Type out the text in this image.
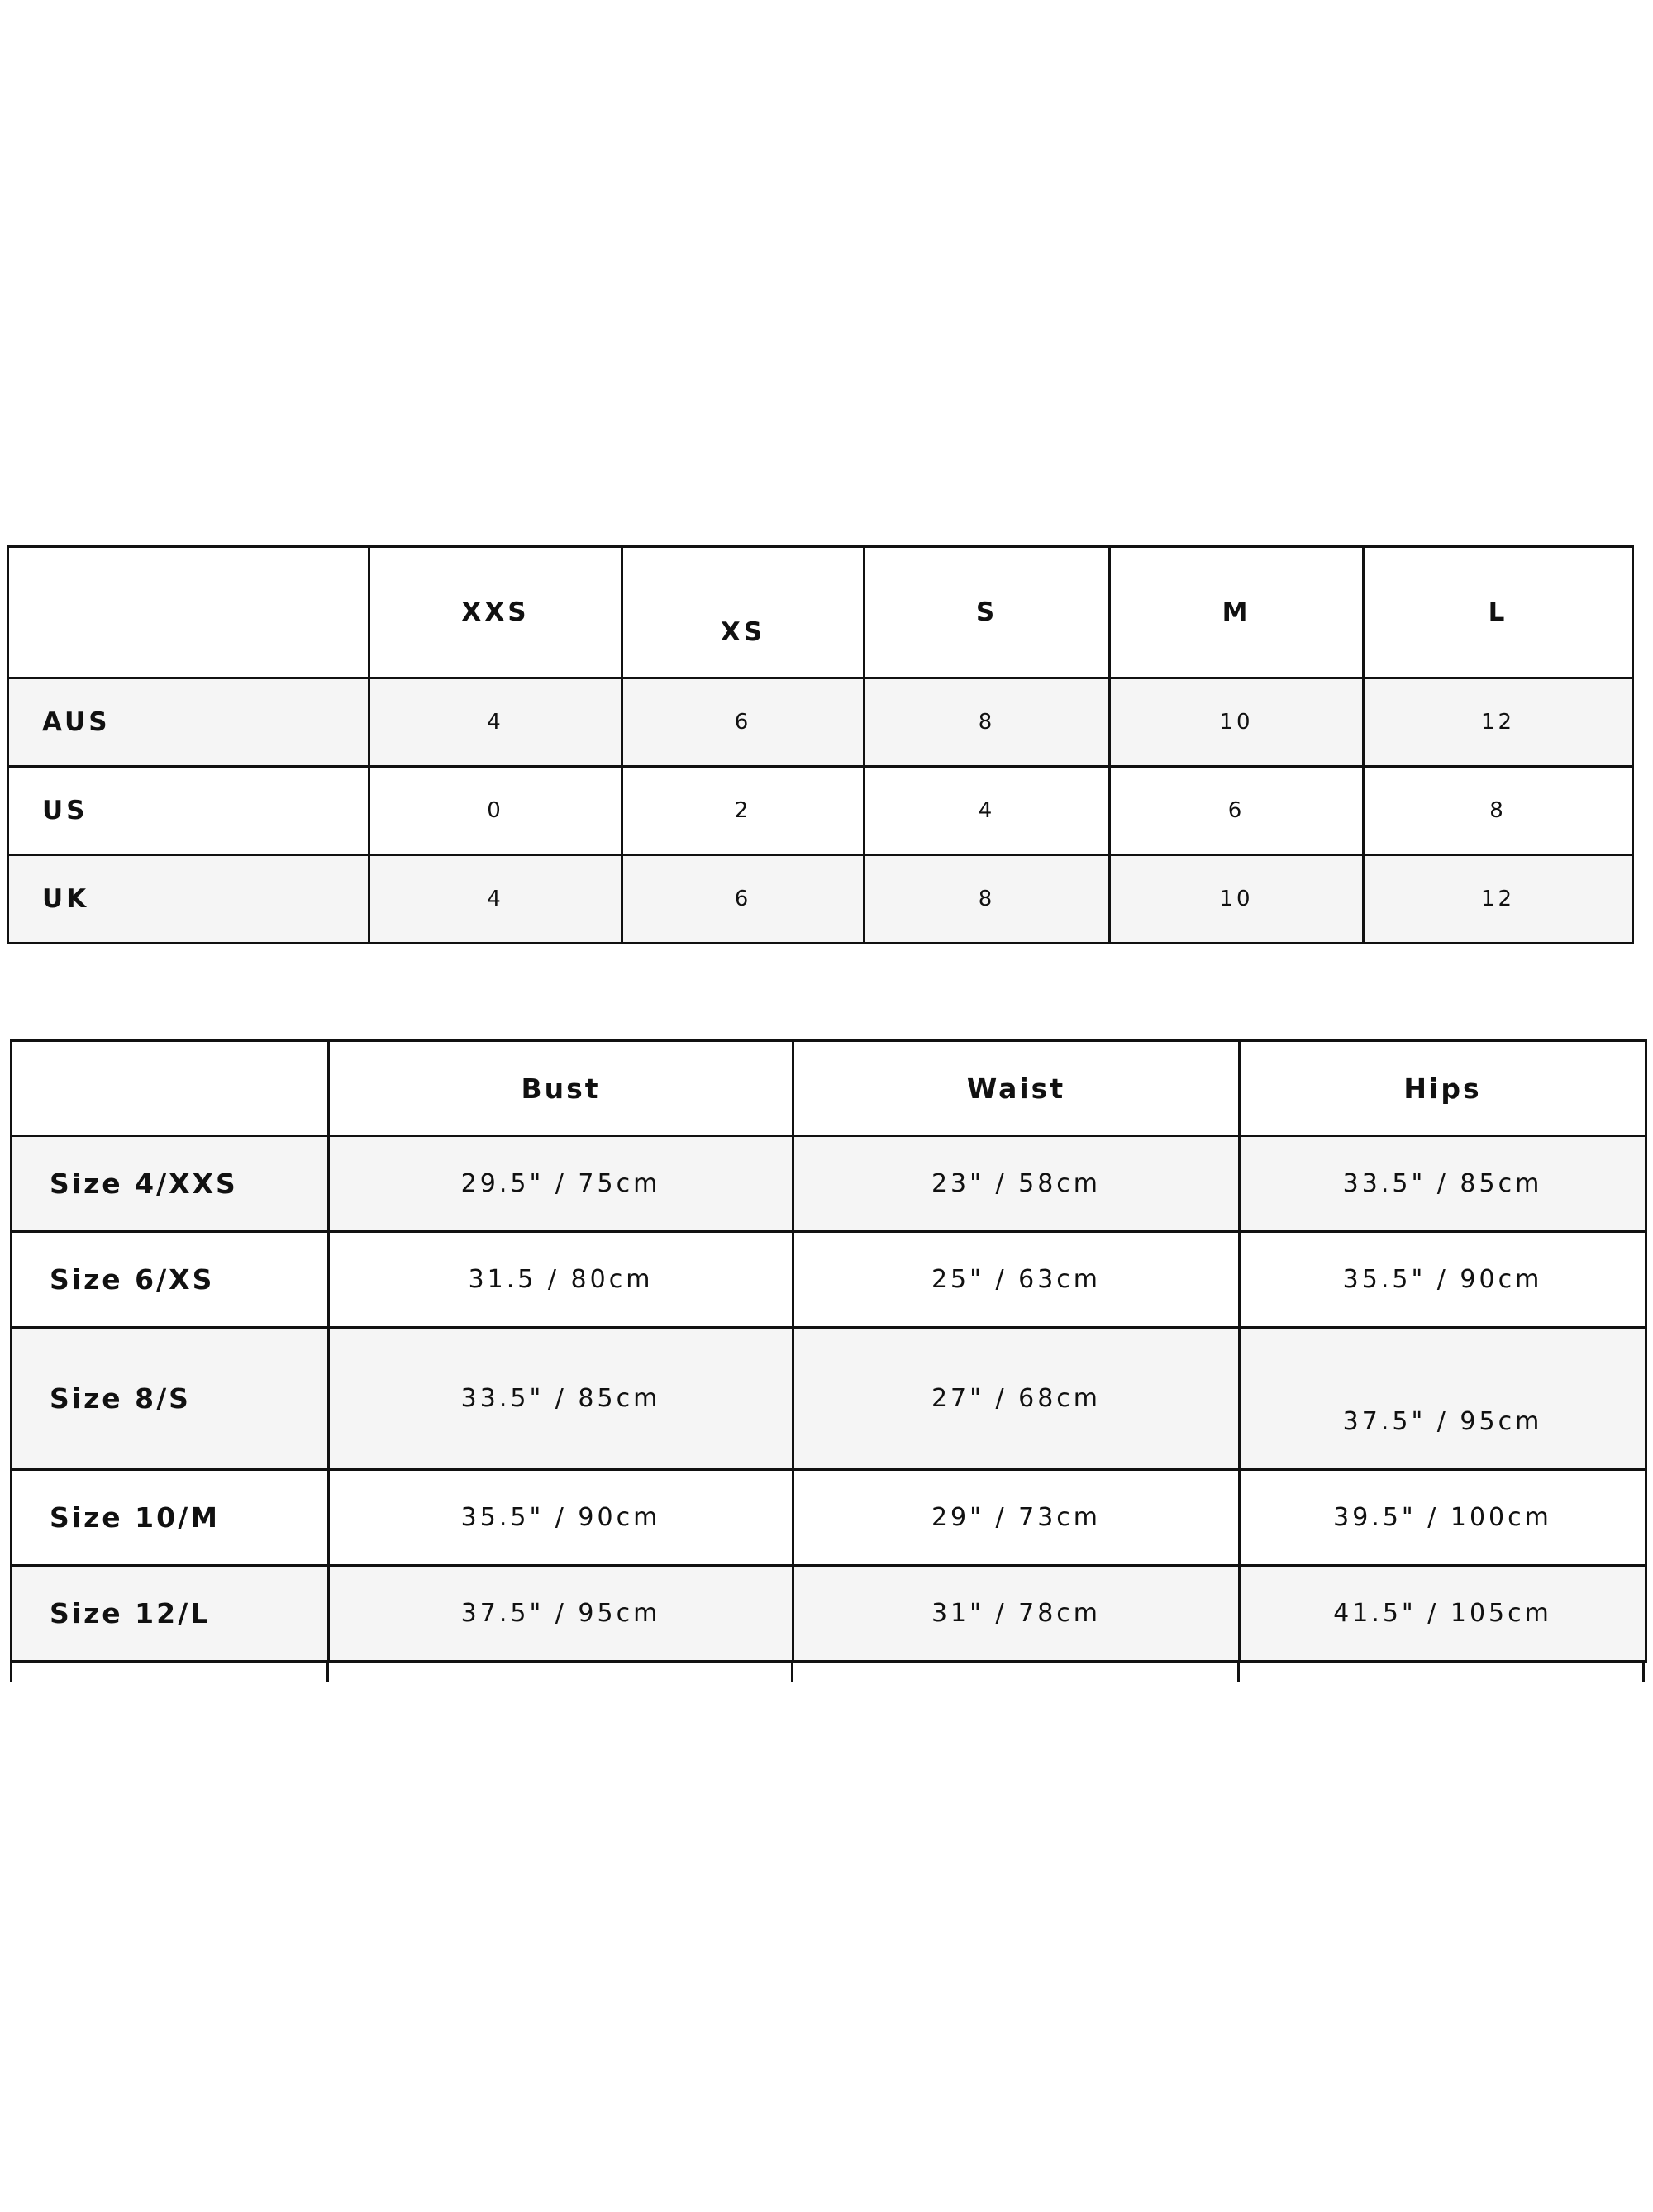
	XXS	XS	S	M	L
AUS	4	6	8	10	12
US	0	2	4	6	8
UK	4	6	8	10	12
	Bust	Waist	Hips
Size 4/XXS	29.5" / 75cm	23" / 58cm	33.5" / 85cm
Size 6/XS	31.5 / 80cm	25" / 63cm	35.5" / 90cm
Size 8/S	33.5" / 85cm	27" / 68cm	37.5" / 95cm
Size 10/M	35.5" / 90cm	29" / 73cm	39.5" / 100cm
Size 12/L	37.5" / 95cm	31" / 78cm	41.5" / 105cm
